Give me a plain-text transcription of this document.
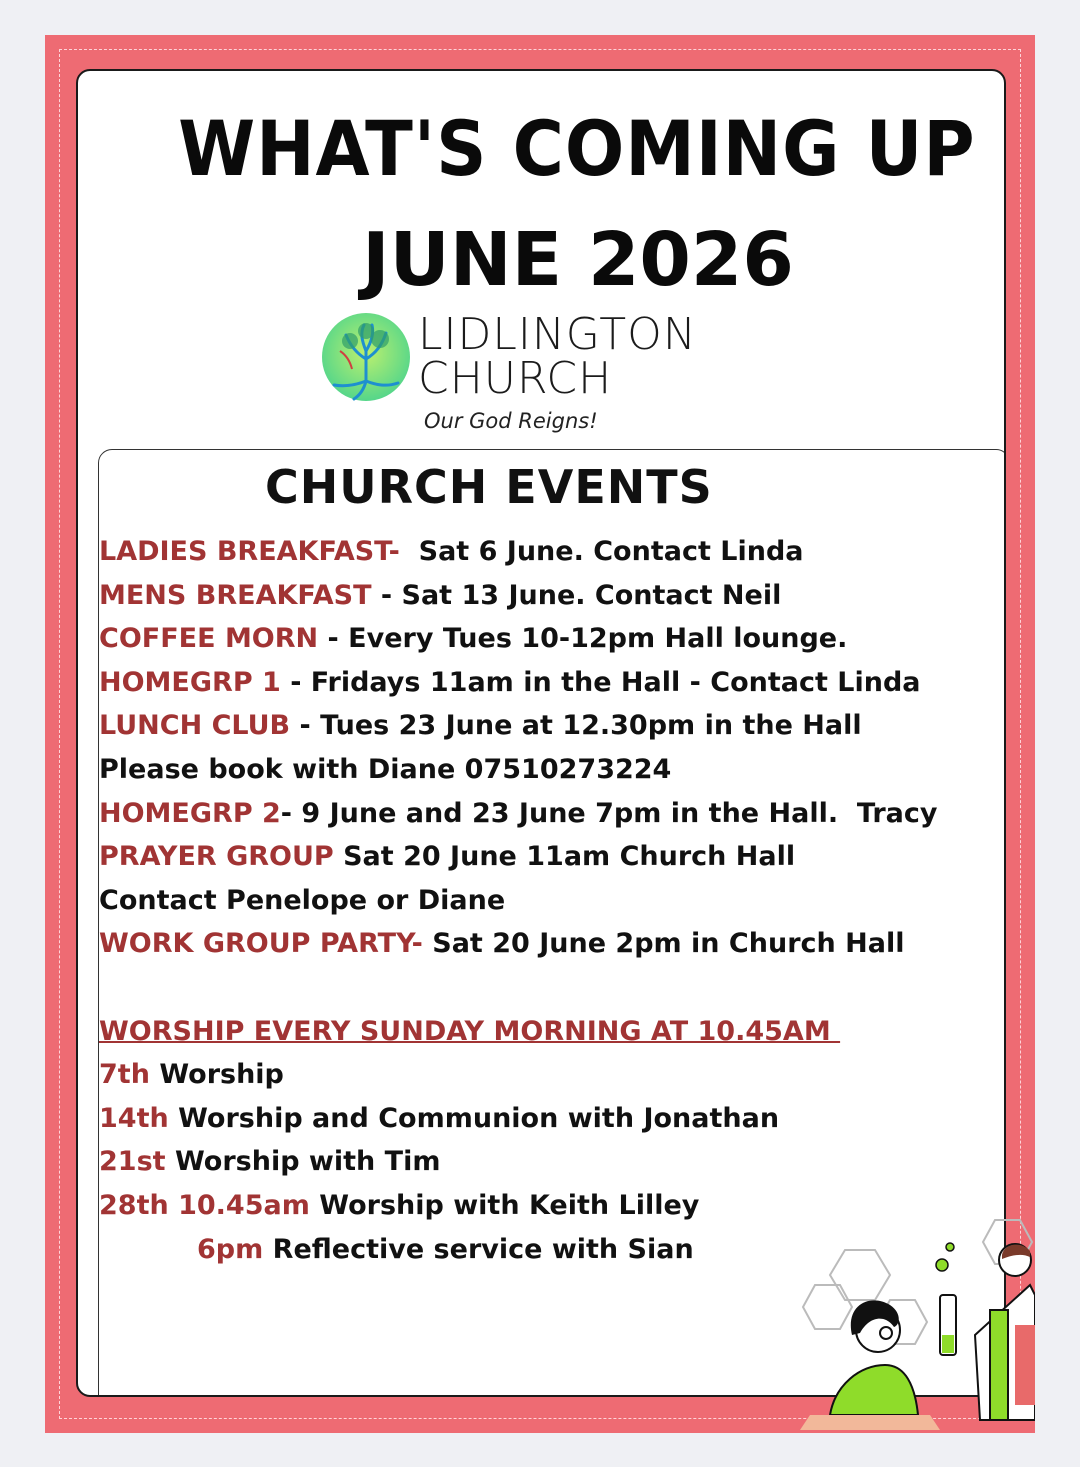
WHAT'S COMING UP
JUNE 2026
LIDLINGTON
CHURCH
Our God Reigns!
CHURCH EVENTS
LADIES BREAKFAST-  Sat 6 June. Contact Linda
MENS BREAKFAST - Sat 13 June. Contact Neil
COFFEE MORN - Every Tues 10-12pm Hall lounge.
HOMEGRP 1 - Fridays 11am in the Hall - Contact Linda
LUNCH CLUB - Tues 23 June at 12.30pm in the Hall
Please book with Diane 07510273224
HOMEGRP 2- 9 June and 23 June 7pm in the Hall.  Tracy
PRAYER GROUP Sat 20 June 11am Church Hall
Contact Penelope or Diane
WORK GROUP PARTY- Sat 20 June 2pm in Church Hall
WORSHIP EVERY SUNDAY MORNING AT 10.45AM
7th Worship
14th Worship and Communion with Jonathan
21st Worship with Tim
28th 10.45am Worship with Keith Lilley
6pm Reflective service with Sian
